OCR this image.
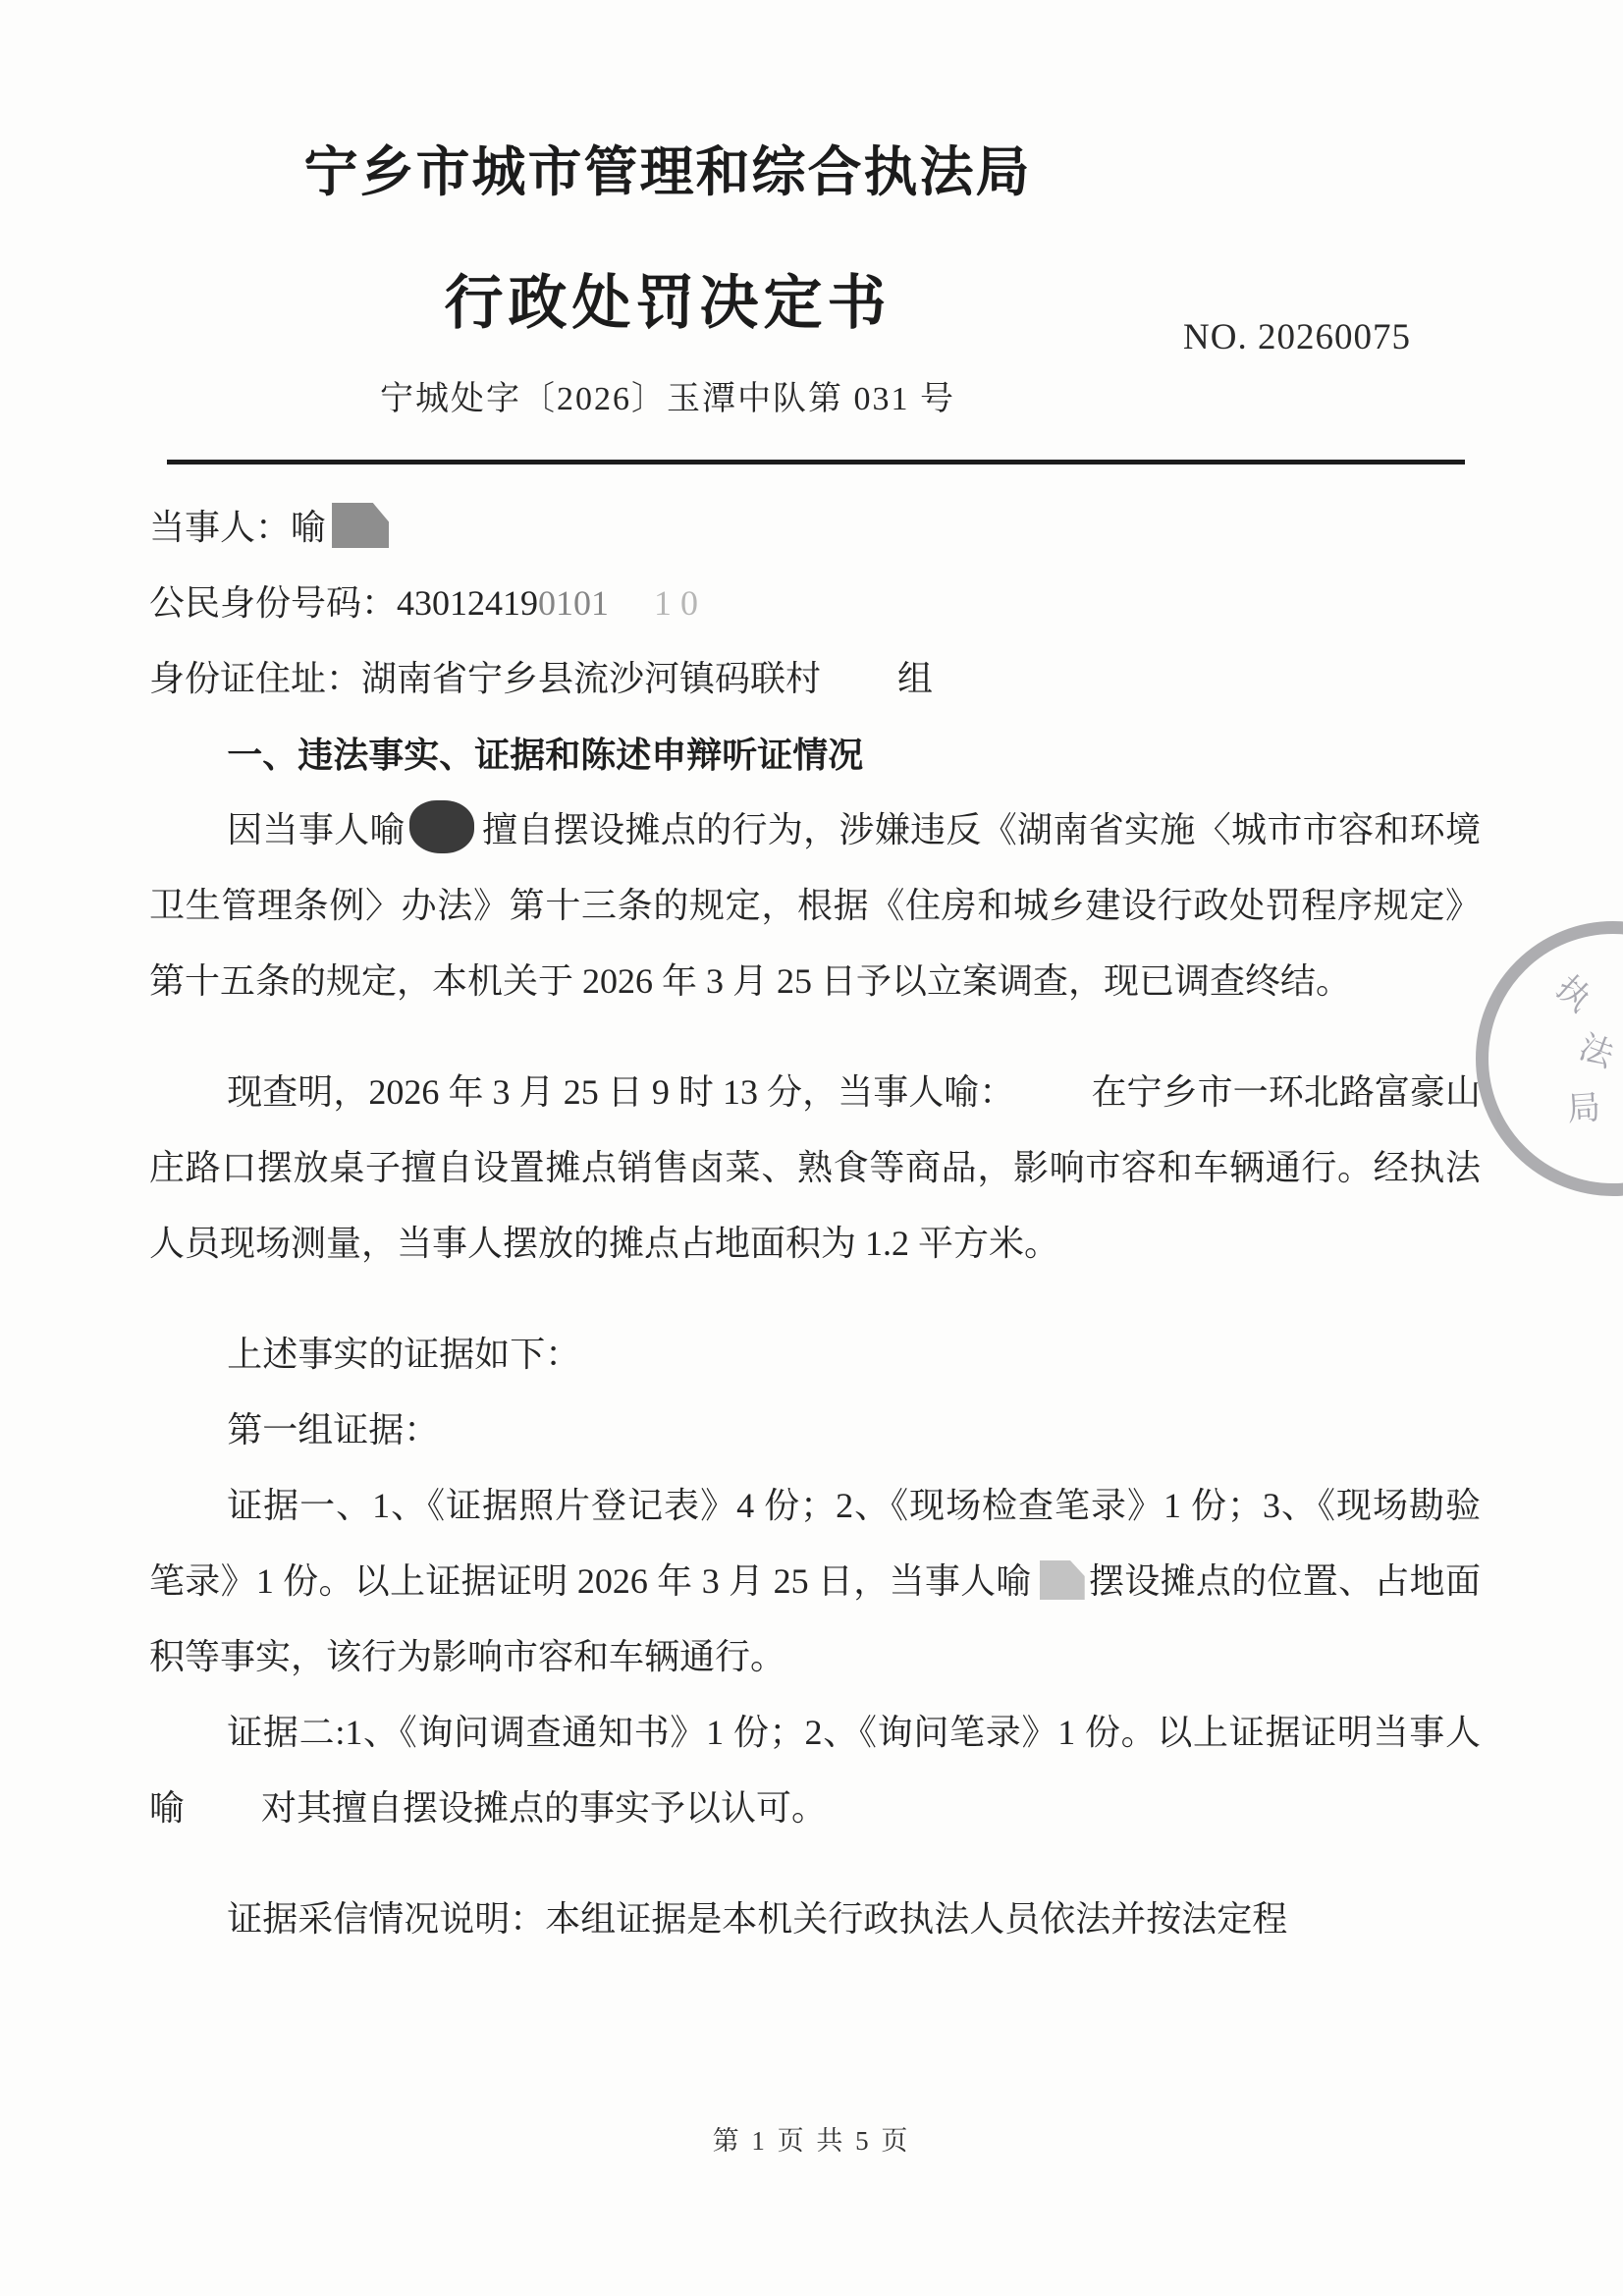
宁乡市城市管理和综合执法局
行政处罚决定书
宁城处字〔2026〕玉潭中队第 031 号
NO. 20260075

当事人：喻

公民身份号码：430124190101 1 0

身份证住址：湖南省宁乡县流沙河镇码联村 组

一、违法事实、证据和陈述申辩听证情况

因当事人喻 擅自摆设摊点的行为，涉嫌违反《湖南省实施〈城市市容和环境卫生管理条例〉办法》第十三条的规定，根据《住房和城乡建设行政处罚程序规定》第十五条的规定，本机关于 2026 年 3 月 25 日予以立案调查，现已调查终结。

现查明，2026 年 3 月 25 日 9 时 13 分，当事人喻： 在宁乡市一环北路富豪山庄路口摆放桌子擅自设置摊点销售卤菜、熟食等商品，影响市容和车辆通行。经执法人员现场测量，当事人摆放的摊点占地面积为 1.2 平方米。

上述事实的证据如下：

第一组证据：

证据一、1、《证据照片登记表》4 份；2、《现场检查笔录》1 份；3、《现场勘验笔录》1 份。以上证据证明 2026 年 3 月 25 日，当事人喻 摆设摊点的位置、占地面积等事实，该行为影响市容和车辆通行。

证据二:1、《询问调查通知书》1 份；2、《询问笔录》1 份。以上证据证明当事人喻 对其擅自摆设摊点的事实予以认可。

证据采信情况说明：本组证据是本机关行政执法人员依法并按法定程

执
法
局
第 1 页 共 5 页
